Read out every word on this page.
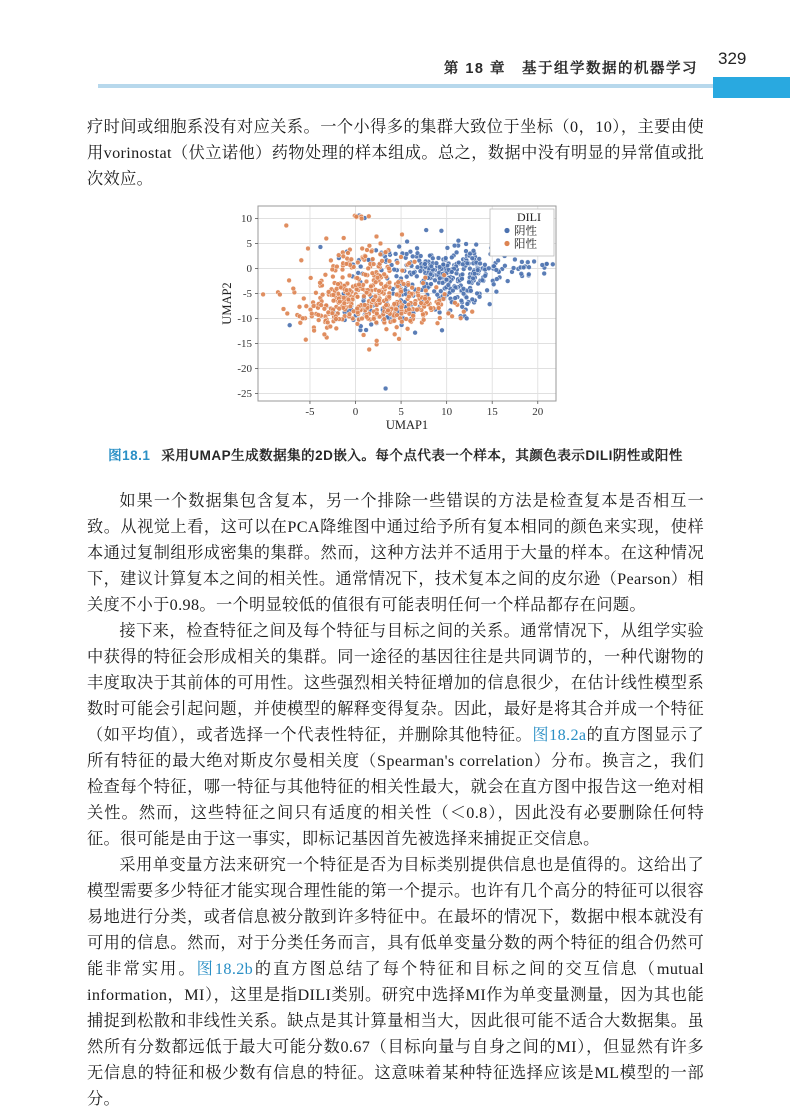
第 18 章　基于组学数据的机器学习
329

疗时间或细胞系没有对应关系。一个小得多的集群大致位于坐标（0，10），主要由使用vorinostat（伏立诺他）药物处理的样本组成。总之，数据中没有明显的异常值或批次效应。

-5	0	5	10	15	20
10
5
0
-5
-10
-15
-20
-25
UMAP1
UMAP2
DILI
阴性
阳性
图18.1 采用UMAP生成数据集的2D嵌入。每个点代表一个样本，其颜色表示DILI阴性或阳性

如果一个数据集包含复本，另一个排除一些错误的方法是检查复本是否相互一致。从视觉上看，这可以在PCA降维图中通过给予所有复本相同的颜色来实现，使样本通过复制组形成密集的集群。然而，这种方法并不适用于大量的样本。在这种情况下，建议计算复本之间的相关性。通常情况下，技术复本之间的皮尔逊（Pearson）相关度不小于0.98。一个明显较低的值很有可能表明任何一个样品都存在问题。

接下来，检查特征之间及每个特征与目标之间的关系。通常情况下，从组学实验中获得的特征会形成相关的集群。同一途径的基因往往是共同调节的，一种代谢物的丰度取决于其前体的可用性。这些强烈相关特征增加的信息很少，在估计线性模型系数时可能会引起问题，并使模型的解释变得复杂。因此，最好是将其合并成一个特征（如平均值），或者选择一个代表性特征，并删除其他特征。图18.2a的直方图显示了所有特征的最大绝对斯皮尔曼相关度（Spearman's correlation）分布。换言之，我们检查每个特征，哪一特征与其他特征的相关性最大，就会在直方图中报告这一绝对相关性。然而，这些特征之间只有适度的相关性（＜0.8），因此没有必要删除任何特征。很可能是由于这一事实，即标记基因首先被选择来捕捉正交信息。

采用单变量方法来研究一个特征是否为目标类别提供信息也是值得的。这给出了模型需要多少特征才能实现合理性能的第一个提示。也许有几个高分的特征可以很容易地进行分类，或者信息被分散到许多特征中。在最坏的情况下，数据中根本就没有可用的信息。然而，对于分类任务而言，具有低单变量分数的两个特征的组合仍然可能非常实用。图18.2b的直方图总结了每个特征和目标之间的交互信息（mutual information，MI），这里是指DILI类别。研究中选择MI作为单变量测量，因为其也能捕捉到松散和非线性关系。缺点是其计算量相当大，因此很可能不适合大数据集。虽然所有分数都远低于最大可能分数0.67（目标向量与自身之间的MI），但显然有许多无信息的特征和极少数有信息的特征。这意味着某种特征选择应该是ML模型的一部分。
